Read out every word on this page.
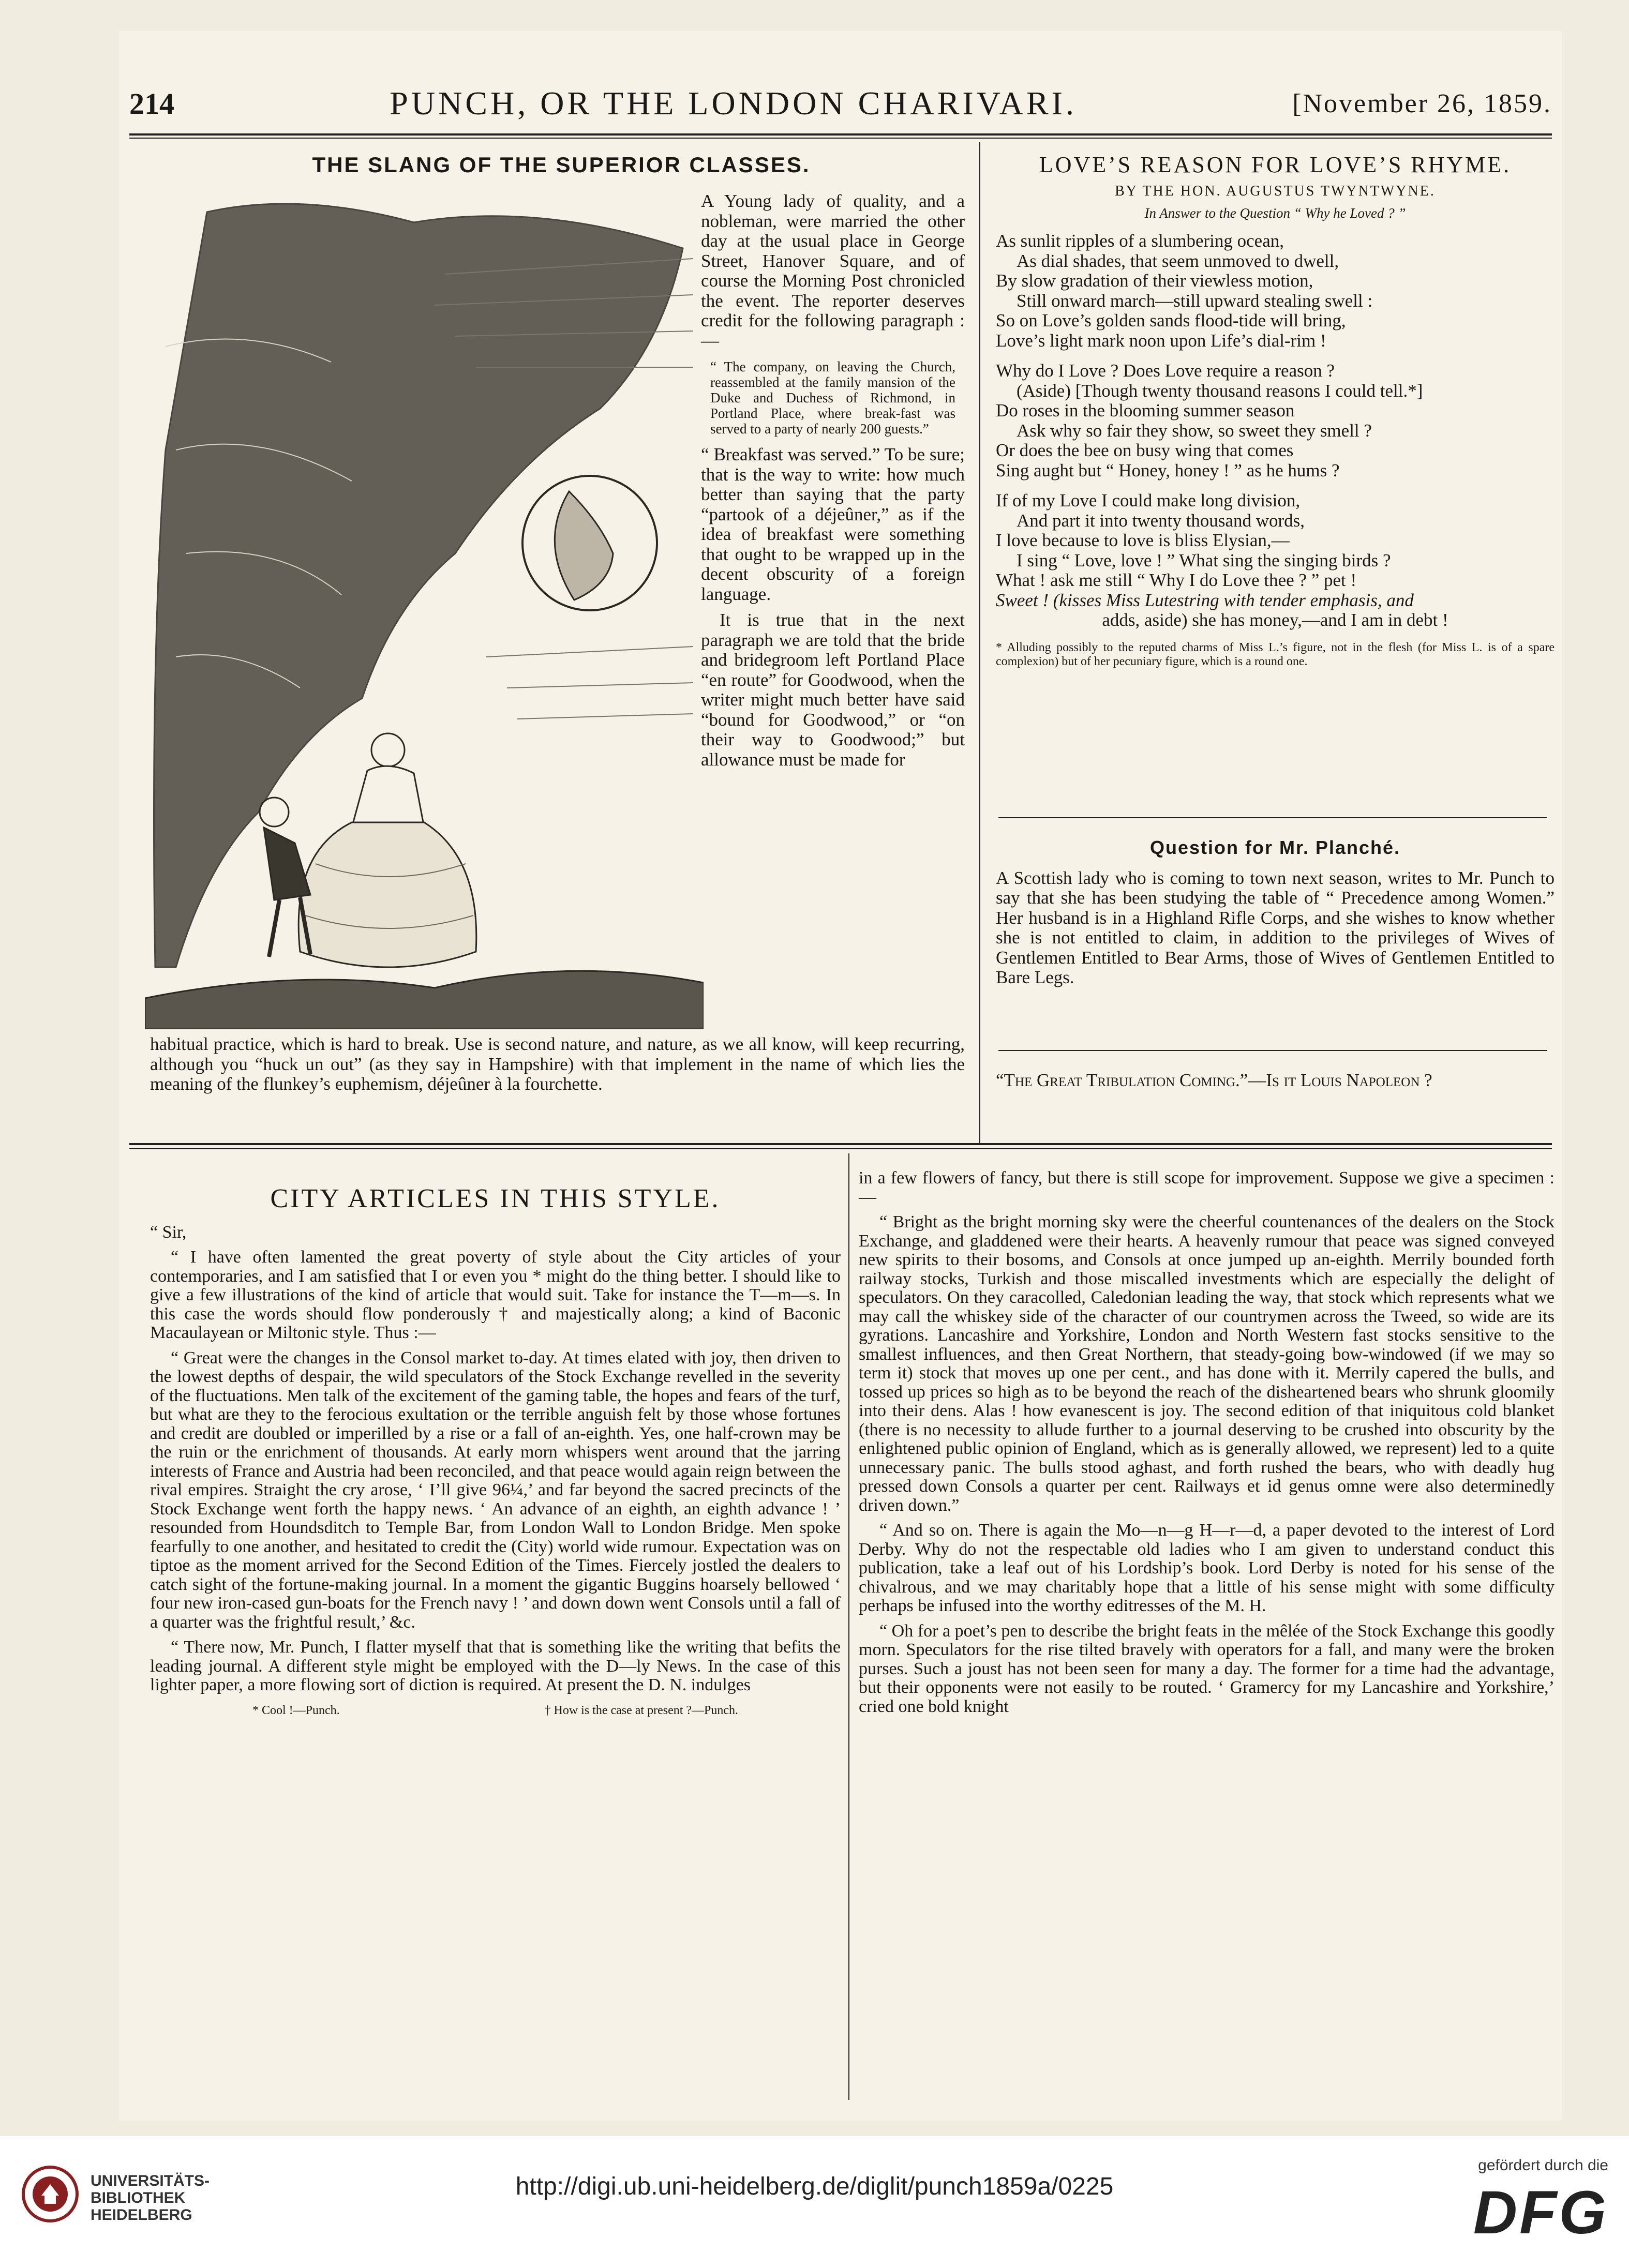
214	PUNCH, OR THE LONDON CHARIVARI.	[November 26, 1859.
THE SLANG OF THE SUPERIOR CLASSES.

A Young lady of quality, and a nobleman, were married the other day at the usual place in George Street, Hanover Square, and of course the Morning Post chronicled the event. The reporter deserves credit for the following paragraph :—

“ The company, on leaving the Church, reassembled at the family mansion of the Duke and Duchess of Richmond, in Portland Place, where break-fast was served to a party of nearly 200 guests.”

“ Breakfast was served.” To be sure; that is the way to write: how much better than saying that the party “partook of a déjeûner,” as if the idea of breakfast were something that ought to be wrapped up in the decent obscurity of a foreign language.

It is true that in the next paragraph we are told that the bride and bridegroom left Portland Place “en route” for Goodwood, when the writer might much better have said “bound for Goodwood,” or “on their way to Goodwood;” but allowance must be made for

habitual practice, which is hard to break. Use is second nature, and nature, as we all know, will keep recurring, although you “huck un out” (as they say in Hampshire) with that implement in the name of which lies the meaning of the flunkey’s euphemism, déjeûner à la fourchette.

LOVE’S REASON FOR LOVE’S RHYME.
BY THE HON. AUGUSTUS TWYNTWYNE.
In Answer to the Question “ Why he Loved ? ”

As sunlit ripples of a slumbering ocean,

As dial shades, that seem unmoved to dwell,

By slow gradation of their viewless motion,

Still onward march—still upward stealing swell :

So on Love’s golden sands flood-tide will bring,

Love’s light mark noon upon Life’s dial-rim !

Why do I Love ? Does Love require a reason ?

(Aside) [Though twenty thousand reasons I could tell.*]

Do roses in the blooming summer season

Ask why so fair they show, so sweet they smell ?

Or does the bee on busy wing that comes

Sing aught but “ Honey, honey ! ” as he hums ?

If of my Love I could make long division,

And part it into twenty thousand words,

I love because to love is bliss Elysian,—

I sing “ Love, love ! ” What sing the singing birds ?

What ! ask me still “ Why I do Love thee ? ” pet !

Sweet ! (kisses Miss Lutestring with tender emphasis, and

adds, aside) she has money,—and I am in debt !

* Alluding possibly to the reputed charms of Miss L.’s figure, not in the flesh (for Miss L. is of a spare complexion) but of her pecuniary figure, which is a round one.

Question for Mr. Planché.

A Scottish lady who is coming to town next season, writes to Mr. Punch to say that she has been studying the table of “ Precedence among Women.” Her husband is in a Highland Rifle Corps, and she wishes to know whether she is not entitled to claim, in addition to the privileges of Wives of Gentlemen Entitled to Bear Arms, those of Wives of Gentlemen Entitled to Bare Legs.

“The Great Tribulation Coming.”—Is it Louis Napoleon ?

CITY ARTICLES IN THIS STYLE.

“ Sir,

“ I have often lamented the great poverty of style about the City articles of your contemporaries, and I am satisfied that I or even you * might do the thing better. I should like to give a few illustrations of the kind of article that would suit. Take for instance the T—m—s. In this case the words should flow ponderously † and majestically along; a kind of Baconic Macaulayean or Miltonic style. Thus :—

“ Great were the changes in the Consol market to-day. At times elated with joy, then driven to the lowest depths of despair, the wild speculators of the Stock Exchange revelled in the severity of the fluctuations. Men talk of the excitement of the gaming table, the hopes and fears of the turf, but what are they to the ferocious exultation or the terrible anguish felt by those whose fortunes and credit are doubled or imperilled by a rise or a fall of an-eighth. Yes, one half-crown may be the ruin or the enrichment of thousands. At early morn whispers went around that the jarring interests of France and Austria had been reconciled, and that peace would again reign between the rival empires. Straight the cry arose, ‘ I’ll give 96¼,’ and far beyond the sacred precincts of the Stock Exchange went forth the happy news. ‘ An advance of an eighth, an eighth advance ! ’ resounded from Houndsditch to Temple Bar, from London Wall to London Bridge. Men spoke fearfully to one another, and hesitated to credit the (City) world wide rumour. Expectation was on tiptoe as the moment arrived for the Second Edition of the Times. Fiercely jostled the dealers to catch sight of the fortune-making journal. In a moment the gigantic Buggins hoarsely bellowed ‘ four new iron-cased gun-boats for the French navy ! ’ and down down went Consols until a fall of a quarter was the frightful result,’ &c.

“ There now, Mr. Punch, I flatter myself that that is something like the writing that befits the leading journal. A different style might be employed with the D—ly News. In the case of this lighter paper, a more flowing sort of diction is required. At present the D. N. indulges

* Cool !—Punch.	† How is the case at present ?—Punch.

in a few flowers of fancy, but there is still scope for improvement. Suppose we give a specimen :—

“ Bright as the bright morning sky were the cheerful countenances of the dealers on the Stock Exchange, and gladdened were their hearts. A heavenly rumour that peace was signed conveyed new spirits to their bosoms, and Consols at once jumped up an-eighth. Merrily bounded forth railway stocks, Turkish and those miscalled investments which are especially the delight of speculators. On they caracolled, Caledonian leading the way, that stock which represents what we may call the whiskey side of the character of our countrymen across the Tweed, so wide are its gyrations. Lancashire and Yorkshire, London and North Western fast stocks sensitive to the smallest influences, and then Great Northern, that steady-going bow-windowed (if we may so term it) stock that moves up one per cent., and has done with it. Merrily capered the bulls, and tossed up prices so high as to be beyond the reach of the disheartened bears who shrunk gloomily into their dens. Alas ! how evanescent is joy. The second edition of that iniquitous cold blanket (there is no necessity to allude further to a journal deserving to be crushed into obscurity by the enlightened public opinion of England, which as is generally allowed, we represent) led to a quite unnecessary panic. The bulls stood aghast, and forth rushed the bears, who with deadly hug pressed down Consols a quarter per cent. Railways et id genus omne were also determinedly driven down.”

“ And so on. There is again the Mo—n—g H—r—d, a paper devoted to the interest of Lord Derby. Why do not the respectable old ladies who I am given to understand conduct this publication, take a leaf out of his Lordship’s book. Lord Derby is noted for his sense of the chivalrous, and we may charitably hope that a little of his sense might with some difficulty perhaps be infused into the worthy editresses of the M. H.

“ Oh for a poet’s pen to describe the bright feats in the mêlée of the Stock Exchange this goodly morn. Speculators for the rise tilted bravely with operators for a fall, and many were the broken purses. Such a joust has not been seen for many a day. The former for a time had the advantage, but their opponents were not easily to be routed. ‘ Gramercy for my Lancashire and Yorkshire,’ cried one bold knight

UNIVERSITÄTS-
BIBLIOTHEK
HEIDELBERG
http://digi.ub.uni-heidelberg.de/diglit/punch1859a/0225
gefördert durch die
DFG
